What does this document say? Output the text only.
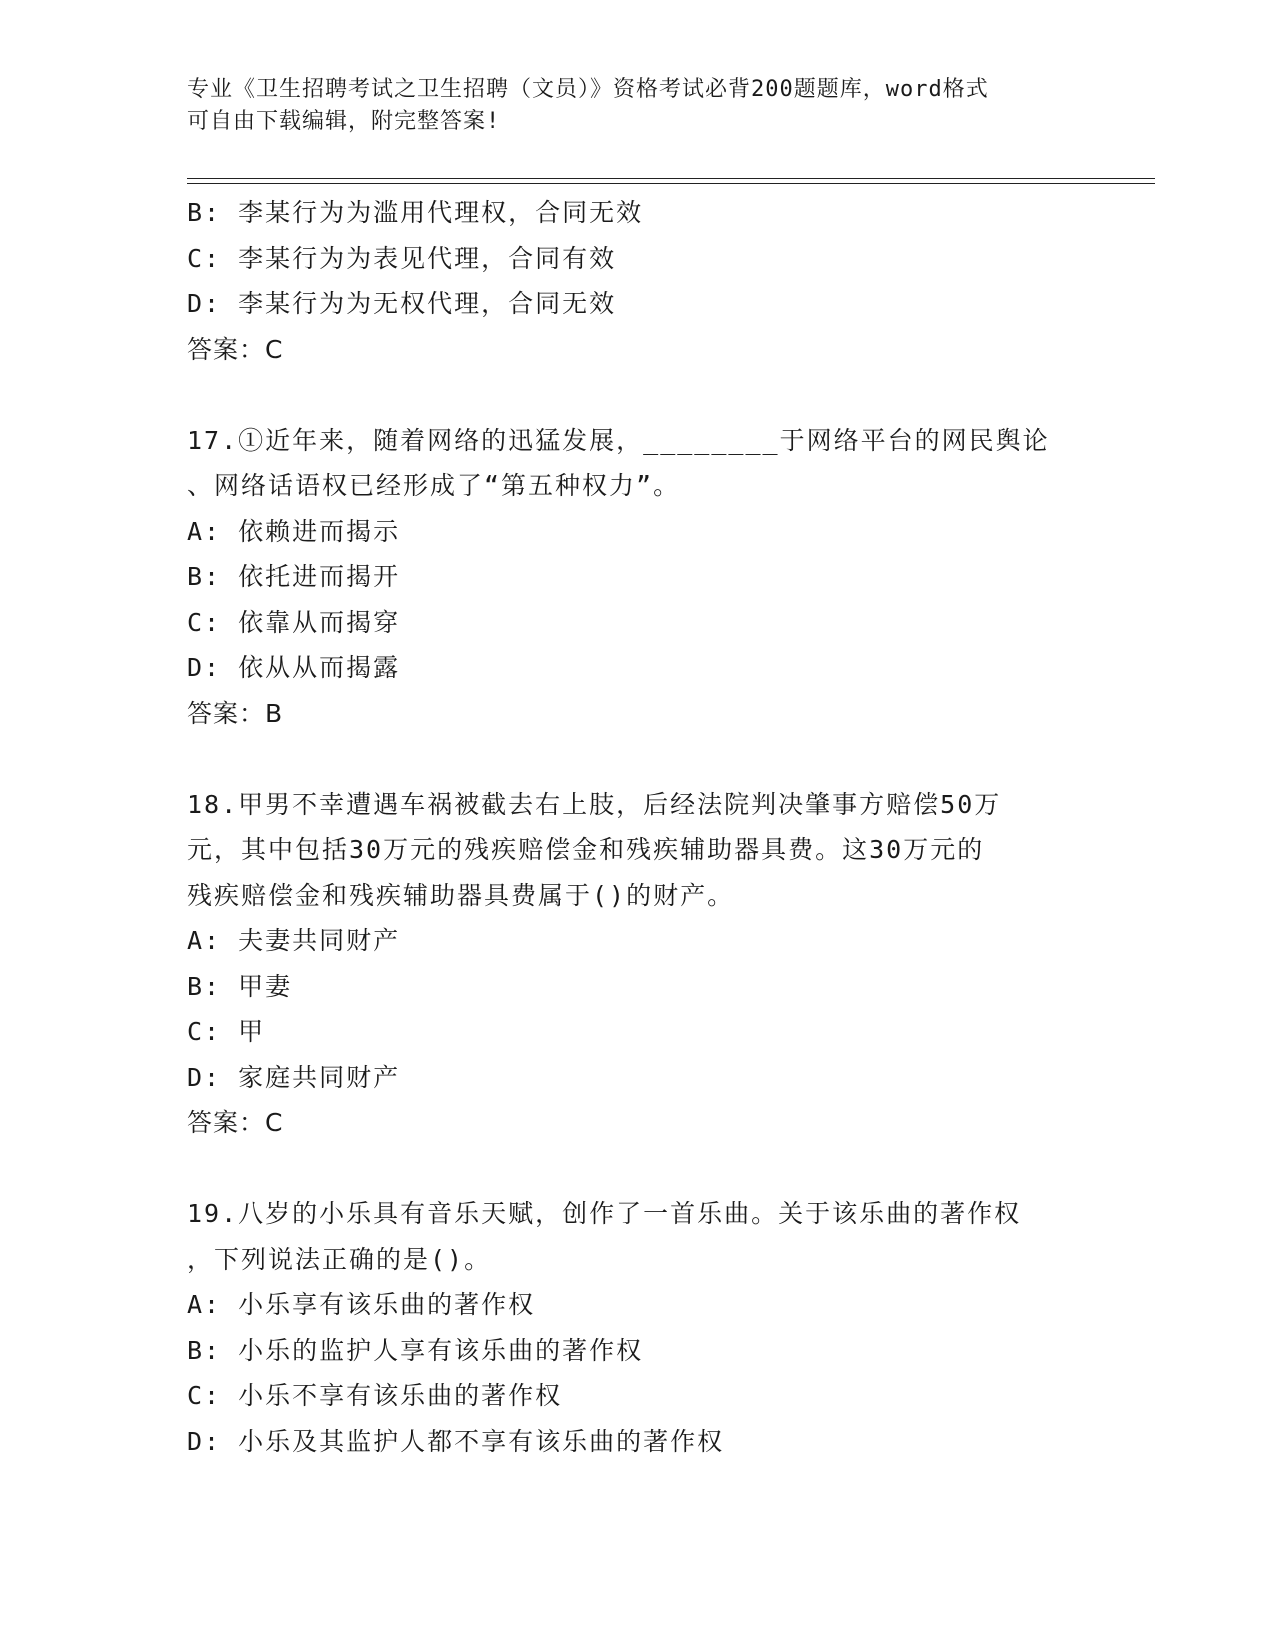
专业《卫生招聘考试之卫生招聘（文员）》资格考试必背200题题库，word格式
可自由下载编辑，附完整答案!
B: 李某行为为滥用代理权，合同无效
C: 李某行为为表见代理，合同有效
D: 李某行为为无权代理，合同无效
答案：C
17.①近年来，随着网络的迅猛发展，________于网络平台的网民舆论
、网络话语权已经形成了“第五种权力”。
A: 依赖进而揭示
B: 依托进而揭开
C: 依靠从而揭穿
D: 依从从而揭露
答案：B
18.甲男不幸遭遇车祸被截去右上肢，后经法院判决肇事方赔偿50万
元，其中包括30万元的残疾赔偿金和残疾辅助器具费。这30万元的
残疾赔偿金和残疾辅助器具费属于()的财产。
A: 夫妻共同财产
B: 甲妻
C: 甲
D: 家庭共同财产
答案：C
19.八岁的小乐具有音乐天赋，创作了一首乐曲。关于该乐曲的著作权
，下列说法正确的是()。
A: 小乐享有该乐曲的著作权
B: 小乐的监护人享有该乐曲的著作权
C: 小乐不享有该乐曲的著作权
D: 小乐及其监护人都不享有该乐曲的著作权
